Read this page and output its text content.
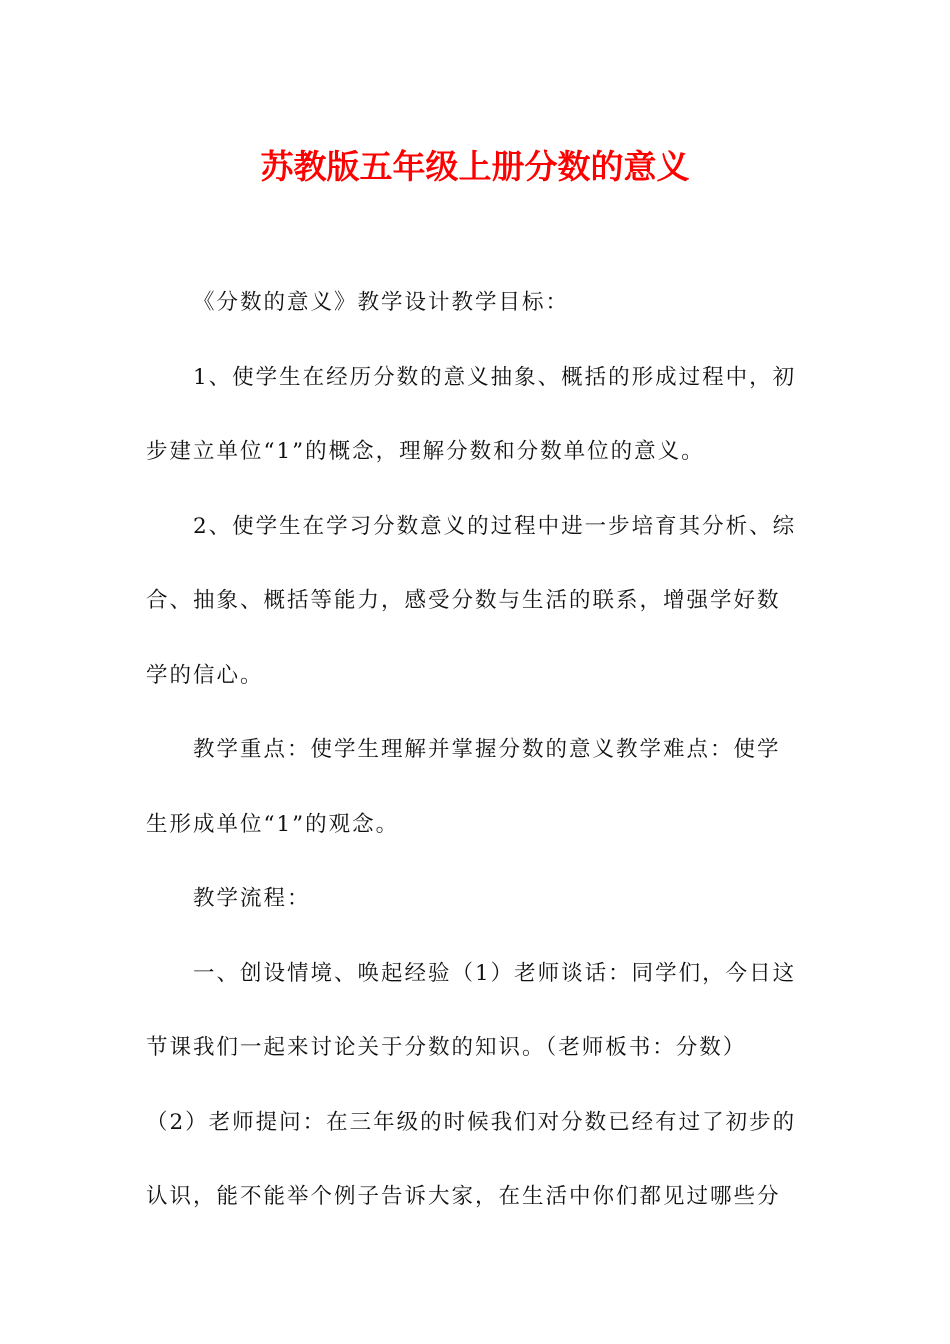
苏教版五年级上册分数的意义
《分数的意义》教学设计教学目标：
1、使学生在经历分数的意义抽象、概括的形成过程中，初
步建立单位“1”的概念，理解分数和分数单位的意义。
2、使学生在学习分数意义的过程中进一步培育其分析、综
合、抽象、概括等能力，感受分数与生活的联系，增强学好数
学的信心。
教学重点：使学生理解并掌握分数的意义教学难点：使学
生形成单位“1”的观念。
教学流程：
一、创设情境、唤起经验（1）老师谈话：同学们，今日这
节课我们一起来讨论关于分数的知识。（老师板书：分数）
（2）老师提问：在三年级的时候我们对分数已经有过了初步的
认识，能不能举个例子告诉大家，在生活中你们都见过哪些分
